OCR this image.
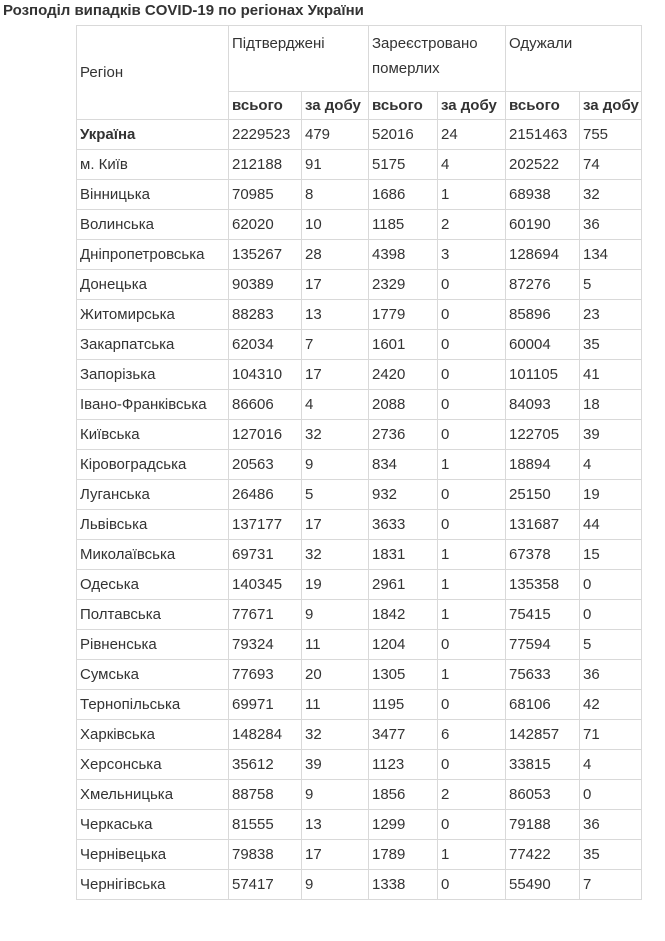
Розподіл випадків COVID-19 по регіонах України
Регіон	Підтверджені		Зареєстровано померлих		Одужали	
	всього	за добу	всього	за добу	всього	за добу
Україна	2229523	479	52016	24	2151463	755
м. Київ	212188	91	5175	4	202522	74
Вінницька	70985	8	1686	1	68938	32
Волинська	62020	10	1185	2	60190	36
Дніпропетровська	135267	28	4398	3	128694	134
Донецька	90389	17	2329	0	87276	5
Житомирська	88283	13	1779	0	85896	23
Закарпатська	62034	7	1601	0	60004	35
Запорізька	104310	17	2420	0	101105	41
Івано-Франківська	86606	4	2088	0	84093	18
Київська	127016	32	2736	0	122705	39
Кіровоградська	20563	9	834	1	18894	4
Луганська	26486	5	932	0	25150	19
Львівська	137177	17	3633	0	131687	44
Миколаївська	69731	32	1831	1	67378	15
Одеська	140345	19	2961	1	135358	0
Полтавська	77671	9	1842	1	75415	0
Рівненська	79324	11	1204	0	77594	5
Сумська	77693	20	1305	1	75633	36
Тернопільська	69971	11	1195	0	68106	42
Харківська	148284	32	3477	6	142857	71
Херсонська	35612	39	1123	0	33815	4
Хмельницька	88758	9	1856	2	86053	0
Черкаська	81555	13	1299	0	79188	36
Чернівецька	79838	17	1789	1	77422	35
Чернігівська	57417	9	1338	0	55490	7
